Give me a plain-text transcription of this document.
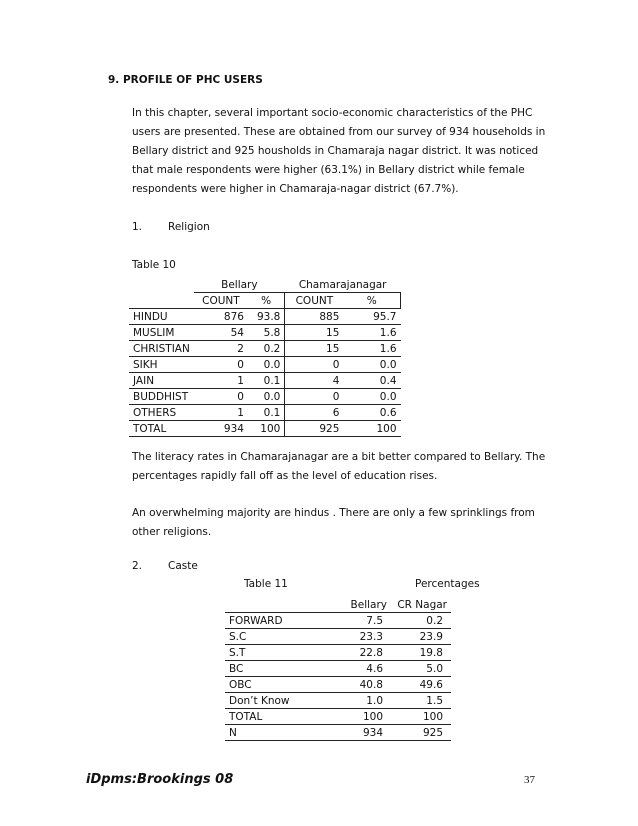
9. PROFILE OF PHC USERS
In this chapter, several important socio-economic characteristics of the PHC users are presented. These are obtained from our survey of 934 households in Bellary district and 925 housholds in Chamaraja nagar district. It was noticed that male respondents were higher (63.1%) in Bellary district while female respondents were higher in Chamaraja-nagar district (67.7%).
1. Religion
Table 10
	Bellary		Chamarajanagar	
	COUNT	%	COUNT	%
HINDU	876	93.8	885	95.7
MUSLIM	54	5.8	15	1.6
CHRISTIAN	2	0.2	15	1.6
SIKH	0	0.0	0	0.0
JAIN	1	0.1	4	0.4
BUDDHIST	0	0.0	0	0.0
OTHERS	1	0.1	6	0.6
TOTAL	934	100	925	100
The literacy rates in Chamarajanagar are a bit better compared to Bellary. The percentages rapidly fall off as the level of education rises.
An overwhelming majority are hindus . There are only a few sprinklings from other religions.
2. Caste
Table 11	Percentages
	Bellary	CR Nagar
FORWARD	7.5	0.2
S.C	23.3	23.9
S.T	22.8	19.8
BC	4.6	5.0
OBC	40.8	49.6
Don’t Know	1.0	1.5
TOTAL	100	100
N	934	925
iDpms:Brookings 08	37
